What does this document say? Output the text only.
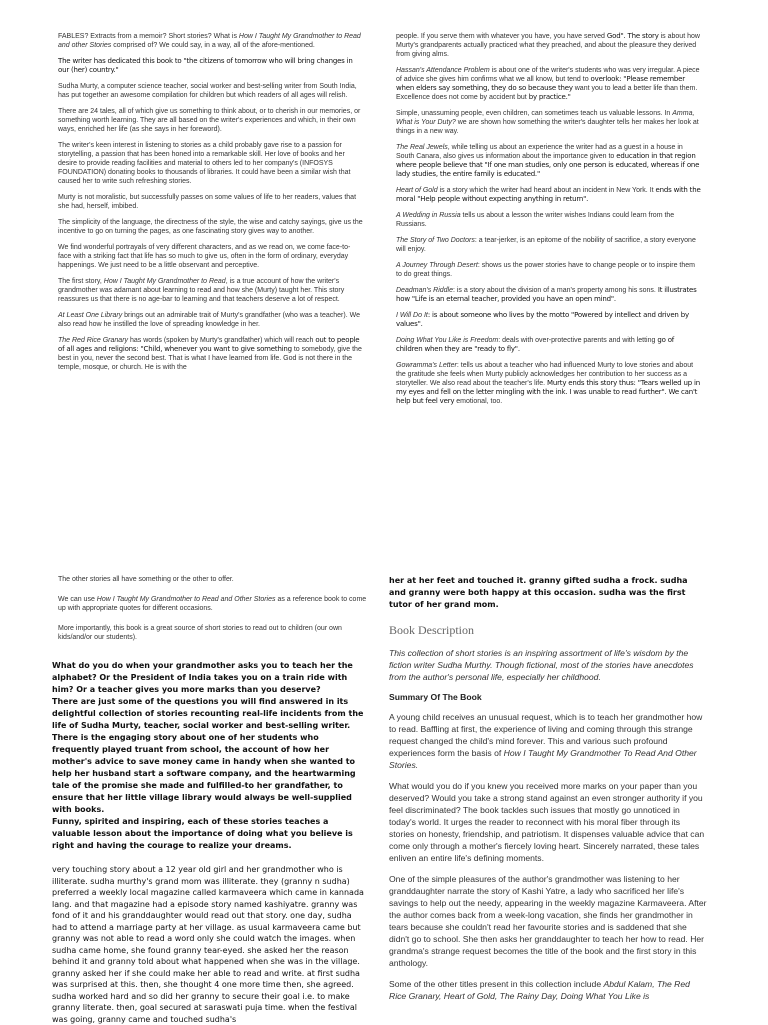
FABLES? Extracts from a memoir? Short stories? What is How I Taught My Grandmother to Read and other Stories comprised of? We could say, in a way, all of the afore-mentioned.

The writer has dedicated this book to "the citizens of tomorrow who will bring changes in our (her) country."

Sudha Murty, a computer science teacher, social worker and best-selling writer from South India, has put together an awesome compilation for children but which readers of all ages will relish.

There are 24 tales, all of which give us something to think about, or to cherish in our memories, or something worth learning. They are all based on the writer's experiences and which, in their own ways, enriched her life (as she says in her foreword).

The writer's keen interest in listening to stories as a child probably gave rise to a passion for storytelling, a passion that has been honed into a remarkable skill. Her love of books and her desire to provide reading facilities and material to others led to her company's (INFOSYS FOUNDATION) donating books to thousands of libraries. It could have been a similar wish that caused her to write such refreshing stories.

Murty is not moralistic, but successfully passes on some values of life to her readers, values that she had, herself, imbibed.

The simplicity of the language, the directness of the style, the wise and catchy sayings, give us the incentive to go on turning the pages, as one fascinating story gives way to another.

We find wonderful portrayals of very different characters, and as we read on, we come face-to-face with a striking fact that life has so much to give us, often in the form of ordinary, everyday happenings. We just need to be a little observant and perceptive.

The first story, How I Taught My Grandmother to Read, is a true account of how the writer's grandmother was adamant about learning to read and how she (Murty) taught her. This story reassures us that there is no age-bar to learning and that teachers deserve a lot of respect.

At Least One Library brings out an admirable trait of Murty's grandfather (who was a teacher). We also read how he instilled the love of spreading knowledge in her.

The Red Rice Granary has words (spoken by Murty's grandfather) which will reach out to people of all ages and religions: "Child, whenever you want to give something to somebody, give the best in you, never the second best. That is what I have learned from life. God is not there in the temple, mosque, or church. He is with the

people. If you serve them with whatever you have, you have served God". The story is about how Murty's grandparents actually practiced what they preached, and about the pleasure they derived from giving alms.

Hassan's Attendance Problem is about one of the writer's students who was very irregular. A piece of advice she gives him confirms what we all know, but tend to overlook: "Please remember when elders say something, they do so because they want you to lead a better life than them. Excellence does not come by accident but by practice."

Simple, unassuming people, even children, can sometimes teach us valuable lessons. In Amma, What is Your Duty? we are shown how something the writer's daughter tells her makes her look at things in a new way.

The Real Jewels, while telling us about an experience the writer had as a guest in a house in South Canara, also gives us information about the importance given to education in that region where people believe that "If one man studies, only one person is educated, whereas if one lady studies, the entire family is educated."

Heart of Gold is a story which the writer had heard about an incident in New York. It ends with the moral "Help people without expecting anything in return".

A Wedding in Russia tells us about a lesson the writer wishes Indians could learn from the Russians.

The Story of Two Doctors: a tear-jerker, is an epitome of the nobility of sacrifice, a story everyone will enjoy.

A Journey Through Desert: shows us the power stories have to change people or to inspire them to do great things.

Deadman's Riddle: is a story about the division of a man's property among his sons. It illustrates how "Life is an eternal teacher, provided you have an open mind".

I Will Do It: is about someone who lives by the motto "Powered by intellect and driven by values".

Doing What You Like is Freedom: deals with over-protective parents and with letting go of children when they are "ready to fly".

Gowramma's Letter: tells us about a teacher who had influenced Murty to love stories and about the gratitude she feels when Murty publicly acknowledges her contribution to her success as a storyteller. We also read about the teacher's life. Murty ends this story thus: "Tears welled up in my eyes and fell on the letter mingling with the ink. I was unable to read further". We can't help but feel very emotional, too.

The other stories all have something or the other to offer.

We can use How I Taught My Grandmother to Read and Other Stories as a reference book to come up with appropriate quotes for different occasions.

More importantly, this book is a great source of short stories to read out to children (our own kids/and/or our students).

What do you do when your grandmother asks you to teach her the alphabet? Or the President of India takes you on a train ride with him? Or a teacher gives you more marks than you deserve?

There are just some of the questions you will find answered in its delightful collection of stories recounting real-life incidents from the life of Sudha Murty, teacher, social worker and best-selling writer. There is the engaging story about one of her students who frequently played truant from school, the account of how her mother's advice to save money came in handy when she wanted to help her husband start a software company, and the heartwarming tale of the promise she made and fulfilled-to her grandfather, to ensure that her little village library would always be well-supplied with books.

Funny, spirited and inspiring, each of these stories teaches a valuable lesson about the importance of doing what you believe is right and having the courage to realize your dreams.

very touching story about a 12 year old girl and her grandmother who is illiterate. sudha murthy's grand mom was illiterate. they (granny n sudha) preferred a weekly local magazine called karmaveera which came in kannada lang. and that magazine had a episode story named kashiyatre. granny was fond of it and his granddaughter would read out that story. one day, sudha had to attend a marriage party at her village. as usual karmaveera came but granny was not able to read a word only she could watch the images. when sudha came home, she found granny tear-eyed. she asked her the reason behind it and granny told about what happened when she was in the village. granny asked her if she could make her able to read and write. at first sudha was surprised at this. then, she thought 4 one more time then, she agreed. sudha worked hard and so did her granny to secure their goal i.e. to make granny literate. then, goal secured at saraswati puja time. when the festival was going, granny came and touched sudha's

her at her feet and touched it. granny gifted sudha a frock. sudha and granny were both happy at this occasion. sudha was the first tutor of her grand mom.

Book Description

This collection of short stories is an inspiring assortment of life's wisdom by the fiction writer Sudha Murthy. Though fictional, most of the stories have anecdotes from the author's personal life, especially her childhood.

Summary Of The Book

A young child receives an unusual request, which is to teach her grandmother how to read. Baffling at first, the experience of living and coming through this strange request changed the child's mind forever. This and various such profound experiences form the basis of How I Taught My Grandmother To Read And Other Stories.

What would you do if you knew you received more marks on your paper than you deserved? Would you take a strong stand against an even stronger authority if you feel discriminated? The book tackles such issues that mostly go unnoticed in today's world. It urges the reader to reconnect with his moral fiber through its stories on honesty, friendship, and patriotism. It dispenses valuable advice that can come only through a mother's fiercely loving heart. Sincerely narrated, these tales enliven an entire life's defining moments.

One of the simple pleasures of the author's grandmother was listening to her granddaughter narrate the story of Kashi Yatre, a lady who sacrificed her life's savings to help out the needy, appearing in the weekly magazine Karmaveera. After the author comes back from a week-long vacation, she finds her grandmother in tears because she couldn't read her favourite stories and is saddened that she didn't go to school. She then asks her granddaughter to teach her how to read. Her grandma's strange request becomes the title of the book and the first story in this anthology.

Some of the other titles present in this collection include Abdul Kalam, The Red Rice Granary, Heart of Gold, The Rainy Day, Doing What You Like is
